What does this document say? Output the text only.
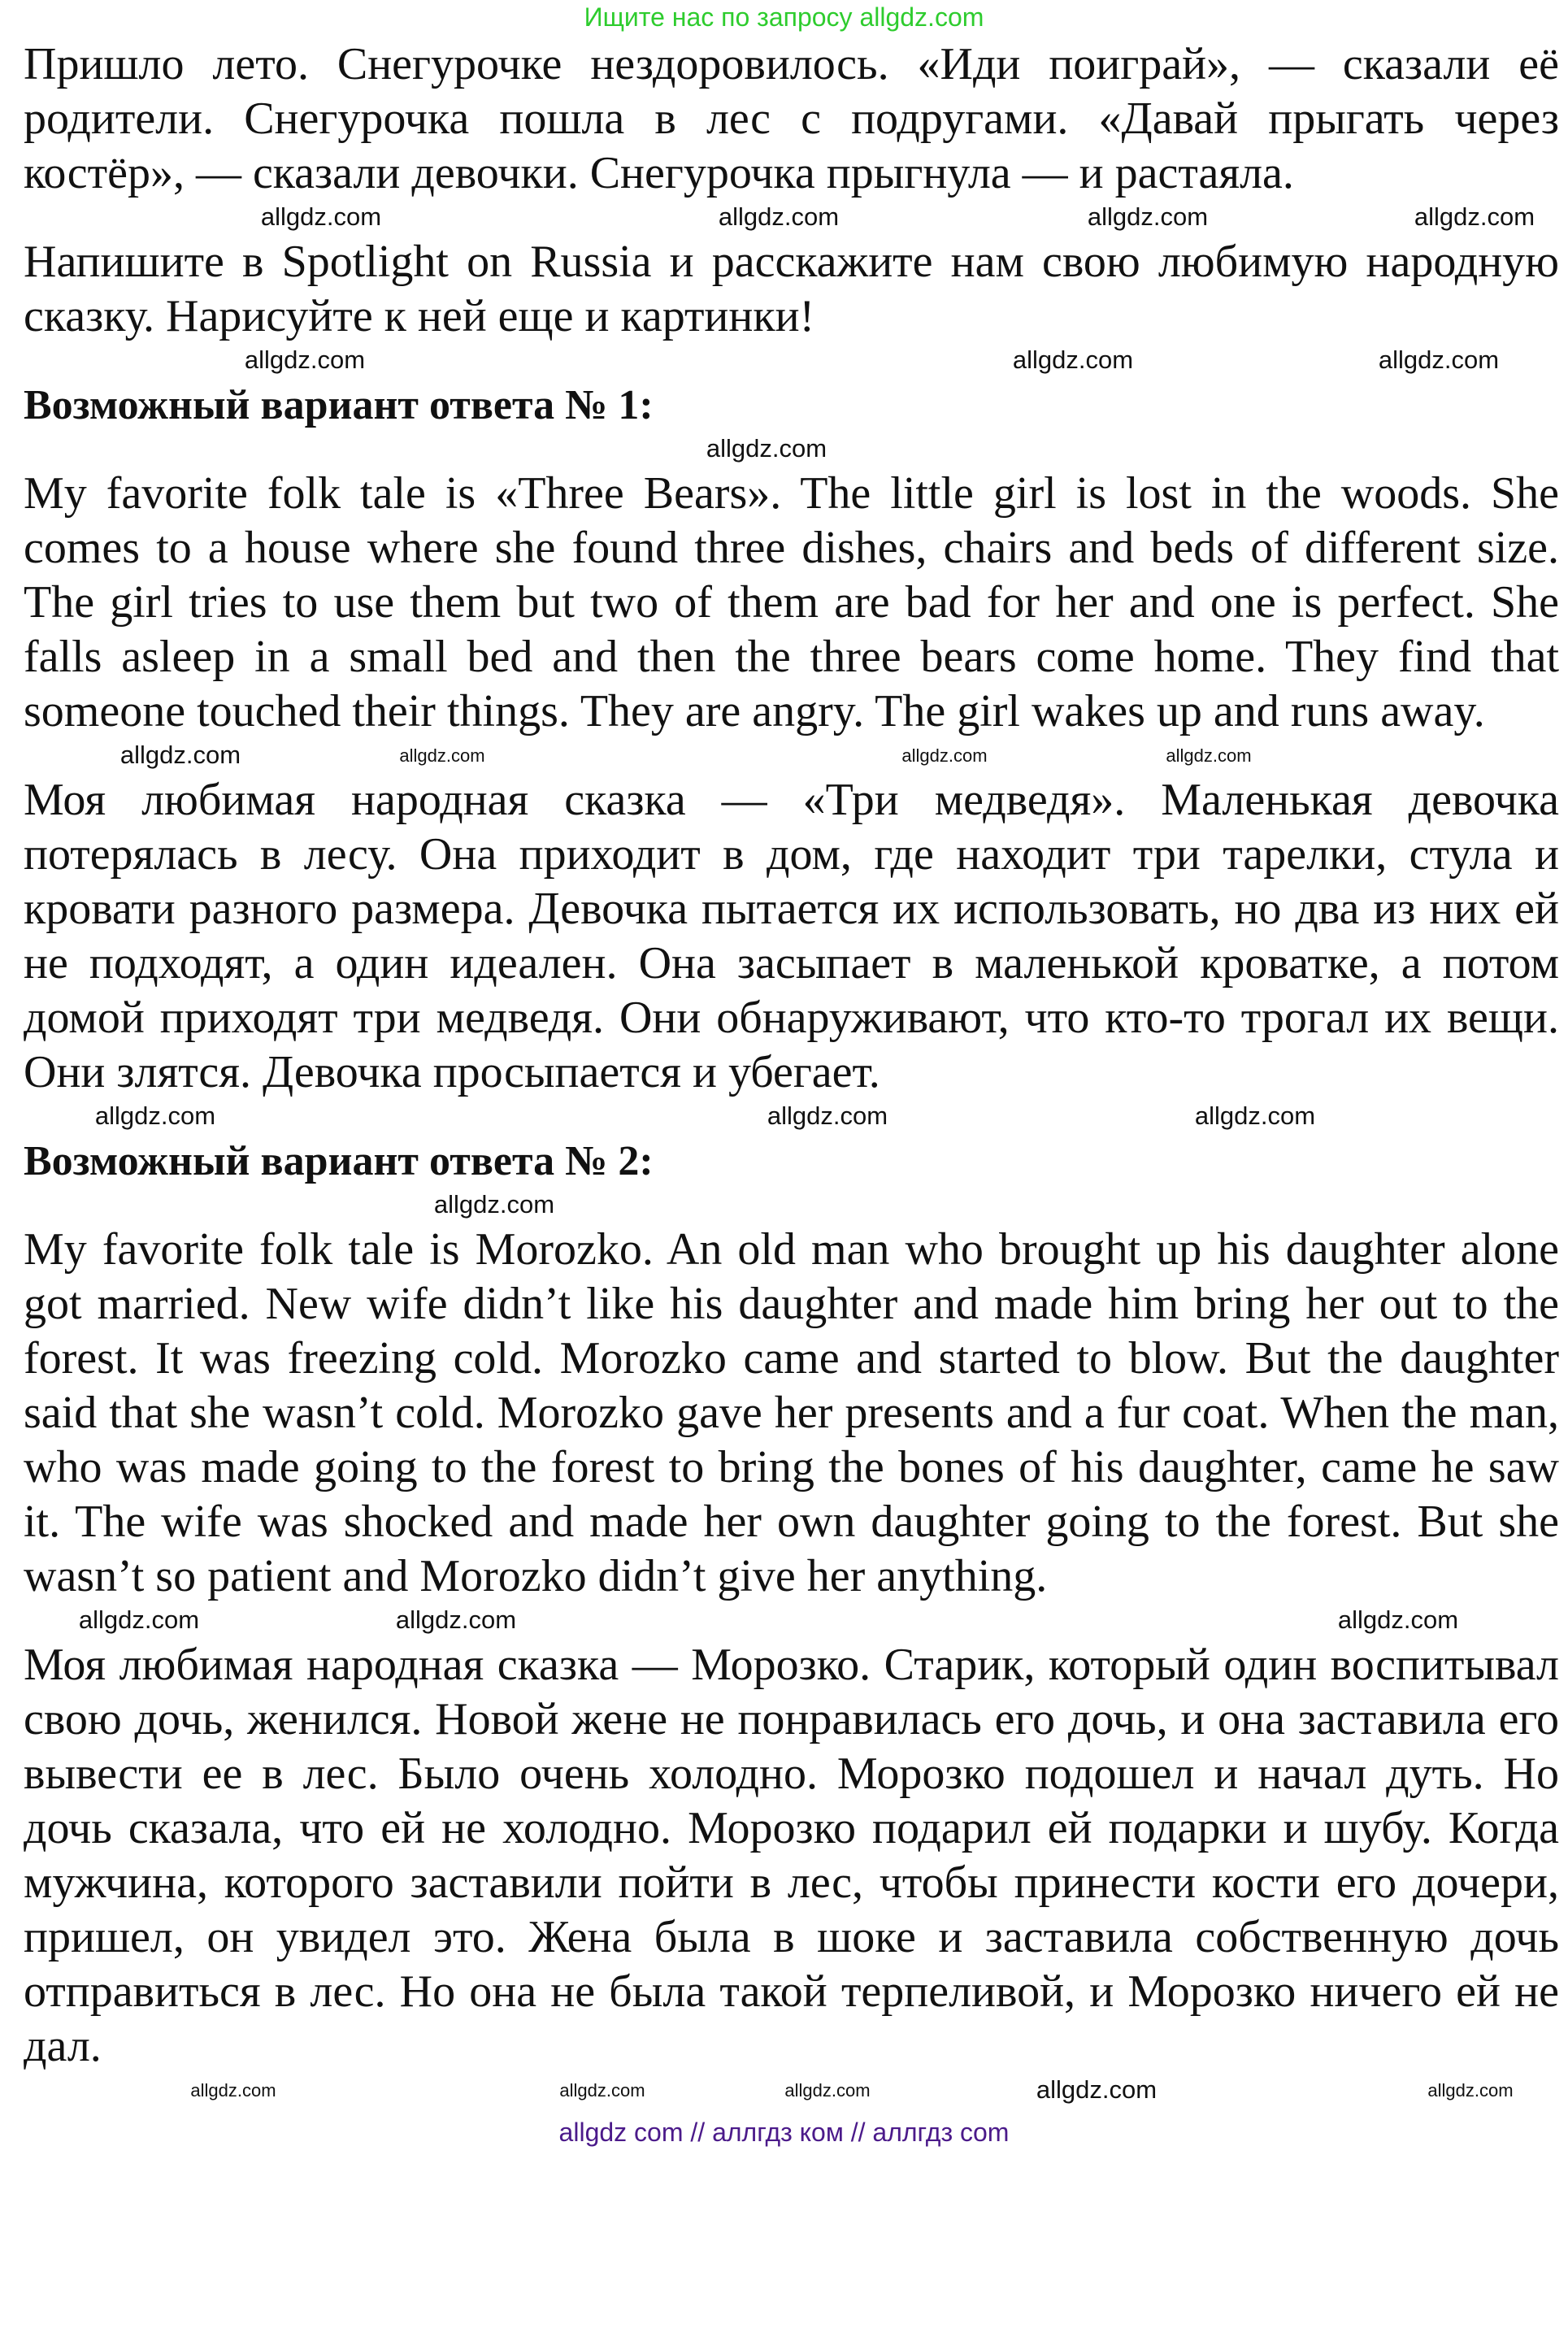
Ищите нас по запросу allgdz.com

Пришло лето. Снегурочке нездоровилось. «Иди поиграй», — сказали её родители. Снегурочка пошла в лес с подругами. «Давай прыгать через костёр», — сказали девочки. Снегурочка прыгнула — и растаяла.

allgdz.com	allgdz.com	allgdz.com	allgdz.com

Напишите в Spotlight on Russia и расскажите нам свою любимую народную сказку. Нарисуйте к ней еще и картинки!

allgdz.com	allgdz.com	allgdz.com
Возможный вариант ответа № 1:
allgdz.com

My favorite folk tale is «Three Bears». The little girl is lost in the woods. She comes to a house where she found three dishes, chairs and beds of different size. The girl tries to use them but two of them are bad for her and one is perfect. She falls asleep in a small bed and then the three bears come home. They find that someone touched their things. They are angry. The girl wakes up and runs away.

allgdz.com	allgdz.com	allgdz.com	allgdz.com

Моя любимая народная сказка — «Три медведя». Маленькая девочка потерялась в лесу. Она приходит в дом, где находит три тарелки, стула и кровати разного размера. Девочка пытается их использовать, но два из них ей не подходят, а один идеален. Она засыпает в маленькой кроватке, а потом домой приходят три медведя. Они обнаруживают, что кто-то трогал их вещи. Они злятся. Девочка просыпается и убегает.

allgdz.com	allgdz.com	allgdz.com
Возможный вариант ответа № 2:
allgdz.com

My favorite folk tale is Morozko. An old man who brought up his daughter alone got married. New wife didn’t like his daughter and made him bring her out to the forest. It was freezing cold. Morozko came and started to blow. But the daughter said that she wasn’t cold. Morozko gave her presents and a fur coat. When the man, who was made going to the forest to bring the bones of his daughter, came he saw it. The wife was shocked and made her own daughter going to the forest. But she wasn’t so patient and Morozko didn’t give her anything.

allgdz.com	allgdz.com	allgdz.com

Моя любимая народная сказка — Морозко. Старик, который один воспитывал свою дочь, женился. Новой жене не понравилась его дочь, и она заставила его вывести ее в лес. Было очень холодно. Морозко подошел и начал дуть. Но дочь сказала, что ей не холодно. Морозко подарил ей подарки и шубу. Когда мужчина, которого заставили пойти в лес, чтобы принести кости его дочери, пришел, он увидел это. Жена была в шоке и заставила собственную дочь отправиться в лес. Но она не была такой терпеливой, и Морозко ничего ей не дал.

allgdz.com	allgdz.com	allgdz.com	allgdz.com	allgdz.com
allgdz com // аллгдз ком // аллгдз com
